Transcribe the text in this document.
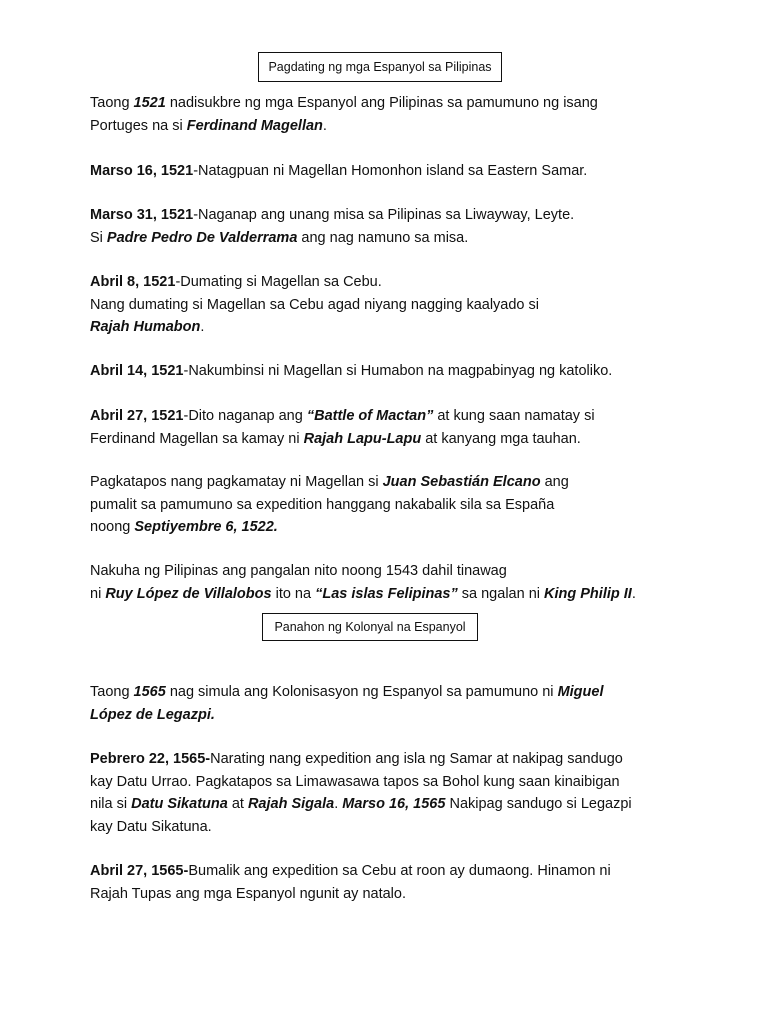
Pagdating ng mga Espanyol sa Pilipinas
Taong 1521 nadisukbre ng mga Espanyol ang Pilipinas sa pamumuno ng isang
Portuges na si Ferdinand Magellan.
Marso 16, 1521-Natagpuan ni Magellan Homonhon island sa Eastern Samar.
Marso 31, 1521-Naganap ang unang misa sa Pilipinas sa Liwayway, Leyte.
Si Padre Pedro De Valderrama ang nag namuno sa misa.
Abril 8, 1521-Dumating si Magellan sa Cebu.
Nang dumating si Magellan sa Cebu agad niyang nagging kaalyado si
Rajah Humabon.
Abril 14, 1521-Nakumbinsi ni Magellan si Humabon na magpabinyag ng katoliko.
Abril 27, 1521-Dito naganap ang “Battle of Mactan” at kung saan namatay si
Ferdinand Magellan sa kamay ni Rajah Lapu-Lapu at kanyang mga tauhan.
Pagkatapos nang pagkamatay ni Magellan si Juan Sebastián Elcano ang
pumalit sa pamumuno sa expedition hanggang nakabalik sila sa España
noong Septiyembre 6, 1522.
Nakuha ng Pilipinas ang pangalan nito noong 1543 dahil tinawag
ni Ruy López de Villalobos ito na “Las islas Felipinas” sa ngalan ni King Philip II.
Panahon ng Kolonyal na Espanyol
Taong 1565 nag simula ang Kolonisasyon ng Espanyol sa pamumuno ni Miguel
López de Legazpi.
Pebrero 22, 1565-Narating nang expedition ang isla ng Samar at nakipag sandugo
kay Datu Urrao. Pagkatapos sa Limawasawa tapos sa Bohol kung saan kinaibigan
nila si Datu Sikatuna at Rajah Sigala. Marso 16, 1565 Nakipag sandugo si Legazpi
kay Datu Sikatuna.
Abril 27, 1565-Bumalik ang expedition sa Cebu at roon ay dumaong. Hinamon ni
Rajah Tupas ang mga Espanyol ngunit ay natalo.
